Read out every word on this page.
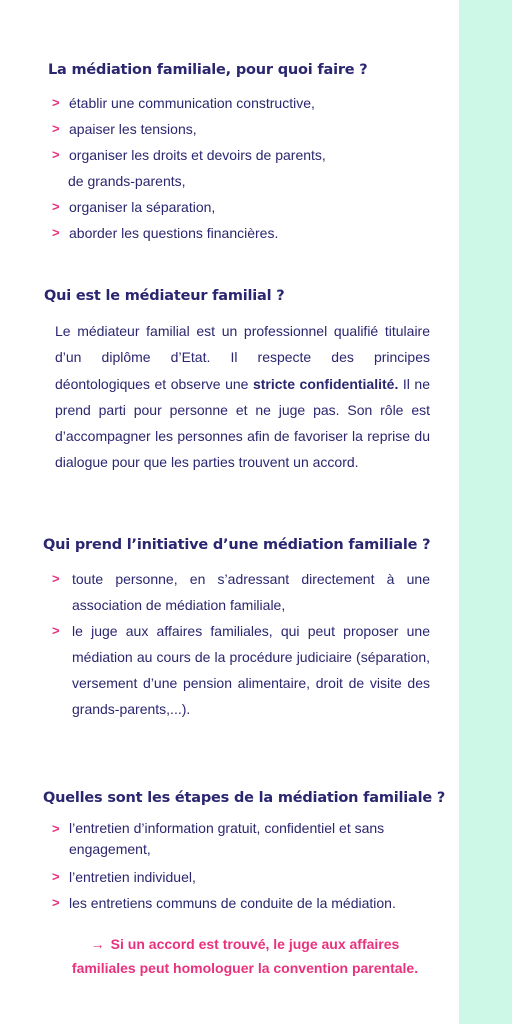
La médiation familiale, pour quoi faire ?
> établir une communication constructive,
> apaiser les tensions,
> organiser les droits et devoirs de parents,
de grands-parents,
> organiser la séparation,
> aborder les questions financières.
Qui est le médiateur familial ?

Le médiateur familial est un professionnel qualifié titulaire d’un diplôme d’Etat. Il respecte des principes déontologiques et observe une stricte confidentialité. Il ne prend parti pour personne et ne juge pas. Son rôle est d’accompagner les personnes afin de favoriser la reprise du dialogue pour que les parties trouvent un accord.

Qui prend l’initiative d’une médiation familiale ?
> toute personne, en s’adressant directement à une association de médiation familiale,
> le juge aux affaires familiales, qui peut proposer une médiation au cours de la procédure judiciaire (séparation, versement d’une pension alimentaire, droit de visite des grands-parents,...).
Quelles sont les étapes de la médiation familiale ?
> l’entretien d’information gratuit, confidentiel et sans engagement,
> l’entretien individuel,
> les entretiens communs de conduite de la médiation.

→ Si un accord est trouvé, le juge aux affaires familiales peut homologuer la convention parentale.
